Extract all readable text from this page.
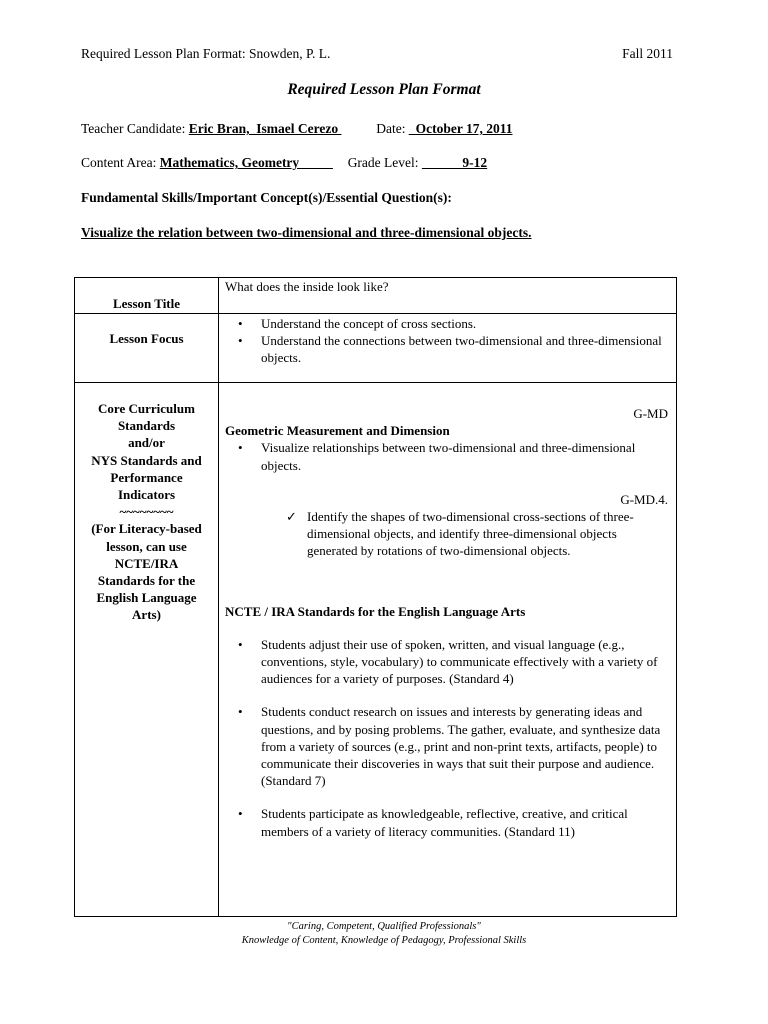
Required Lesson Plan Format: Snowden, P. L.	Fall 2011
Required Lesson Plan Format
Teacher Candidate: Eric Bran,  Ismael Cerezo	Date: _October 17, 2011
Content Area: Mathematics, Geometry            Grade Level:             9-12
Fundamental Skills/Important Concept(s)/Essential Question(s):
Visualize the relation between two-dimensional and three-dimensional objects.
Lesson Title
What does the inside look like?
Lesson Focus
• Understand the concept of cross sections.
• Understand the connections between two-dimensional and three-dimensional objects.
Core Curriculum
Standards
and/or
NYS Standards and
Performance
Indicators
~~~~~~~~
(For Literacy-based
lesson, can use
NCTE/IRA
Standards for the
English Language
Arts)
G-MD
Geometric Measurement and Dimension
• Visualize relationships between two-dimensional and three-dimensional objects.
G-MD.4.
✓ Identify the shapes of two-dimensional cross-sections of three-dimensional objects, and identify three-dimensional objects generated by rotations of two-dimensional objects.
NCTE / IRA Standards for the English Language Arts
• Students adjust their use of spoken, written, and visual language (e.g., conventions, style, vocabulary) to communicate effectively with a variety of audiences for a variety of purposes. (Standard 4)
• Students conduct research on issues and interests by generating ideas and questions, and by posing problems. The gather, evaluate, and synthesize data from a variety of sources (e.g., print and non-print texts, artifacts, people) to communicate their discoveries in ways that suit their purpose and audience. (Standard 7)
• Students participate as knowledgeable, reflective, creative, and critical members of a variety of literacy communities. (Standard 11)
"Caring, Competent, Qualified Professionals"
Knowledge of Content, Knowledge of Pedagogy, Professional Skills
